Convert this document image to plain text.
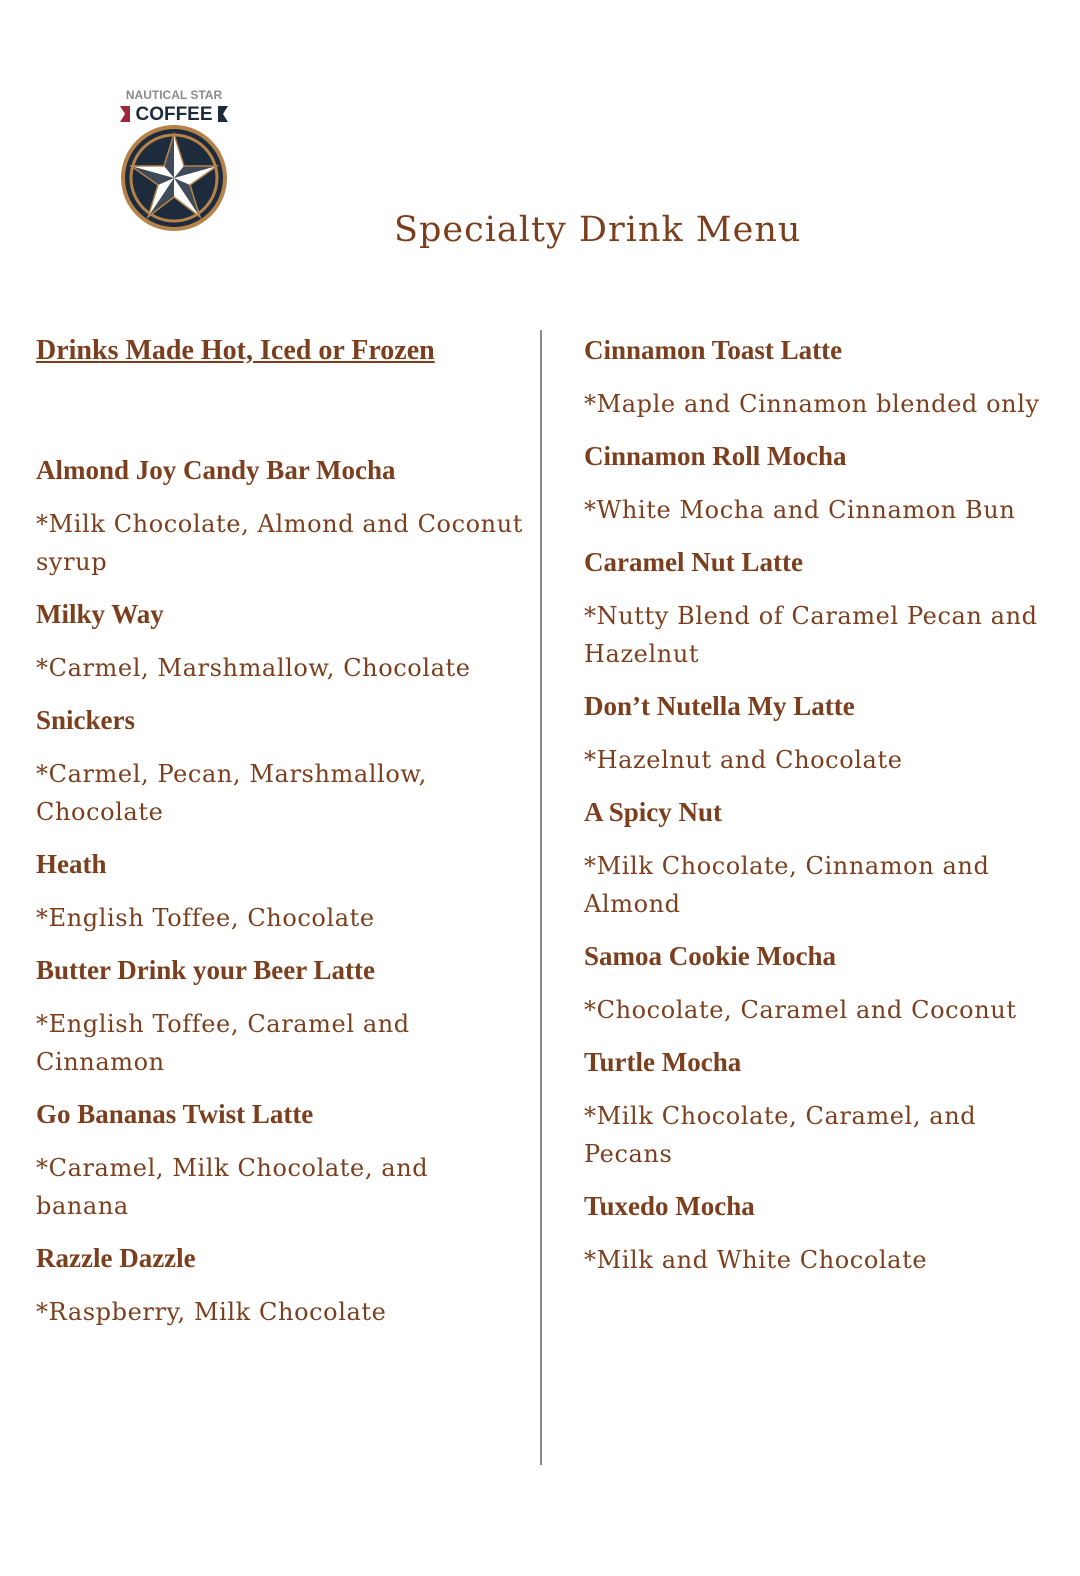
NAUTICAL STAR
COFFEE
Specialty Drink Menu
Drinks Made Hot, Iced or Frozen
Almond Joy Candy Bar Mocha
*Milk Chocolate, Almond and Coconut syrup
Milky Way
*Carmel, Marshmallow, Chocolate
Snickers
*Carmel, Pecan, Marshmallow, Chocolate
Heath
*English Toffee, Chocolate
Butter Drink your Beer Latte
*English Toffee, Caramel and Cinnamon
Go Bananas Twist Latte
*Caramel, Milk Chocolate, and banana
Razzle Dazzle
*Raspberry, Milk Chocolate
Cinnamon Toast Latte
*Maple and Cinnamon blended only
Cinnamon Roll Mocha
*White Mocha and Cinnamon Bun
Caramel Nut Latte
*Nutty Blend of Caramel Pecan and Hazelnut
Don’t Nutella My Latte
*Hazelnut and Chocolate
A Spicy Nut
*Milk Chocolate, Cinnamon and Almond
Samoa Cookie Mocha
*Chocolate, Caramel and Coconut
Turtle Mocha
*Milk Chocolate, Caramel, and Pecans
Tuxedo Mocha
*Milk and White Chocolate
